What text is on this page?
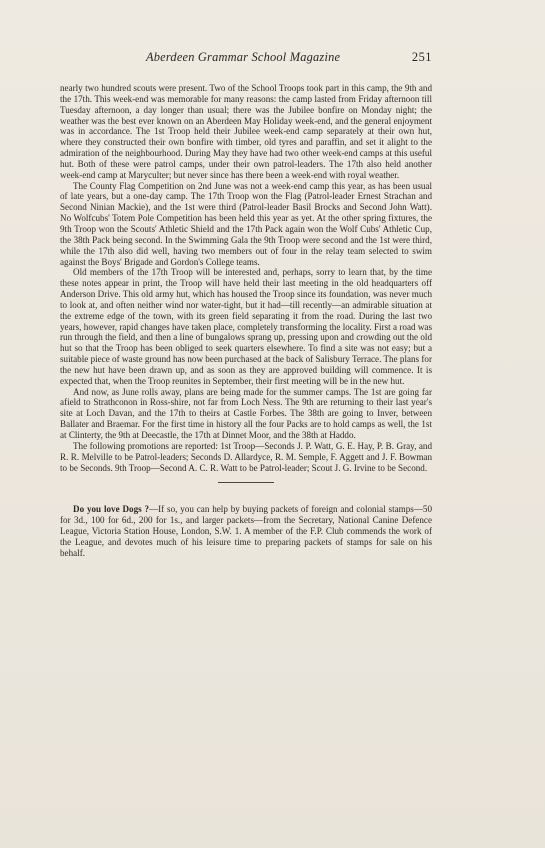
Aberdeen Grammar School Magazine	251

nearly two hundred scouts were present. Two of the School Troops took part in this camp, the 9th and the 17th. This week-end was memorable for many reasons: the camp lasted from Friday afternoon till Tuesday afternoon, a day longer than usual; there was the Jubilee bonfire on Monday night; the weather was the best ever known on an Aberdeen May Holiday week-end, and the general enjoyment was in accordance. The 1st Troop held their Jubilee week-end camp separately at their own hut, where they constructed their own bonfire with timber, old tyres and paraffin, and set it alight to the admiration of the neighbourhood. During May they have had two other week-end camps at this useful hut. Both of these were patrol camps, under their own patrol-leaders. The 17th also held another week-end camp at Maryculter; but never since has there been a week-end with royal weather.

The County Flag Competition on 2nd June was not a week-end camp this year, as has been usual of late years, but a one-day camp. The 17th Troop won the Flag (Patrol-leader Ernest Strachan and Second Ninian Mackie), and the 1st were third (Patrol-leader Basil Brocks and Second John Watt). No Wolfcubs' Totem Pole Competition has been held this year as yet. At the other spring fixtures, the 9th Troop won the Scouts' Athletic Shield and the 17th Pack again won the Wolf Cubs' Athletic Cup, the 38th Pack being second. In the Swimming Gala the 9th Troop were second and the 1st were third, while the 17th also did well, having two members out of four in the relay team selected to swim against the Boys' Brigade and Gordon's College teams.

Old members of the 17th Troop will be interested and, perhaps, sorry to learn that, by the time these notes appear in print, the Troop will have held their last meeting in the old headquarters off Anderson Drive. This old army hut, which has housed the Troop since its foundation, was never much to look at, and often neither wind nor water-tight, but it had—till recently—an admirable situation at the extreme edge of the town, with its green field separating it from the road. During the last two years, however, rapid changes have taken place, completely transforming the locality. First a road was run through the field, and then a line of bungalows sprang up, pressing upon and crowding out the old hut so that the Troop has been obliged to seek quarters elsewhere. To find a site was not easy; but a suitable piece of waste ground has now been purchased at the back of Salisbury Terrace. The plans for the new hut have been drawn up, and as soon as they are approved building will commence. It is expected that, when the Troop reunites in September, their first meeting will be in the new hut.

And now, as June rolls away, plans are being made for the summer camps. The 1st are going far afield to Strathconon in Ross-shire, not far from Loch Ness. The 9th are returning to their last year's site at Loch Davan, and the 17th to theirs at Castle Forbes. The 38th are going to Inver, between Ballater and Braemar. For the first time in history all the four Packs are to hold camps as well, the 1st at Clinterty, the 9th at Deecastle, the 17th at Dinnet Moor, and the 38th at Haddo.

The following promotions are reported: 1st Troop—Seconds J. P. Watt, G. E. Hay, P. B. Gray, and R. R. Melville to be Patrol-leaders; Seconds D. Allardyce, R. M. Semple, F. Aggett and J. F. Bowman to be Seconds. 9th Troop—Second A. C. R. Watt to be Patrol-leader; Scout J. G. Irvine to be Second.

Do you love Dogs ?—If so, you can help by buying packets of foreign and colonial stamps—50 for 3d., 100 for 6d., 200 for 1s., and larger packets—from the Secretary, National Canine Defence League, Victoria Station House, London, S.W. 1. A member of the F.P. Club commends the work of the League, and devotes much of his leisure time to preparing packets of stamps for sale on his behalf.
